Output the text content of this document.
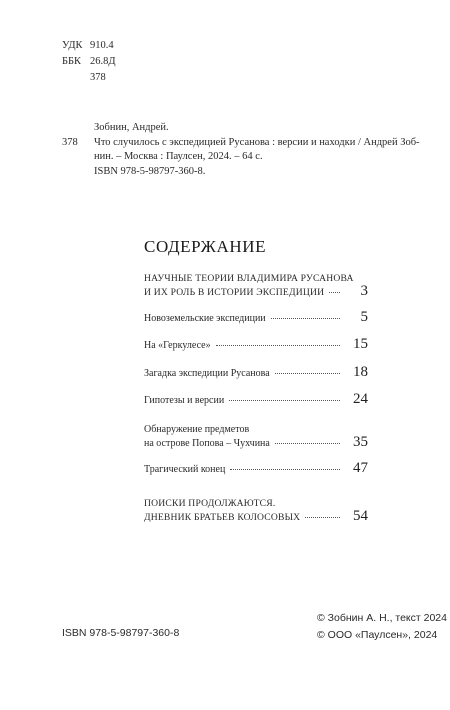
УДК 910.4
ББК 26.8Д
378
Зобнин, Андрей.
378	Что случилось с экспедицией Русанова : версии и находки / Андрей Зоб-
нин. – Москва : Паулсен, 2024. – 64 с.
ISBN 978-5-98797-360-8.
СОДЕРЖАНИЕ
НАУЧНЫЕ ТЕОРИИ ВЛАДИМИРА РУСАНОВА
И ИХ РОЛЬ В ИСТОРИИ ЭКСПЕДИЦИИ	3
Новоземельские экспедиции	5
На «Геркулесе»	15
Загадка экспедиции Русанова	18
Гипотезы и версии	24
Обнаружение предметов
на острове Попова – Чухчина	35
Трагический конец	47
ПОИСКИ ПРОДОЛЖАЮТСЯ.
ДНЕВНИК БРАТЬЕВ КОЛОСОВЫХ	54
ISBN 978-5-98797-360-8
© Зобнин А. Н., текст 2024
© ООО «Паулсен», 2024
